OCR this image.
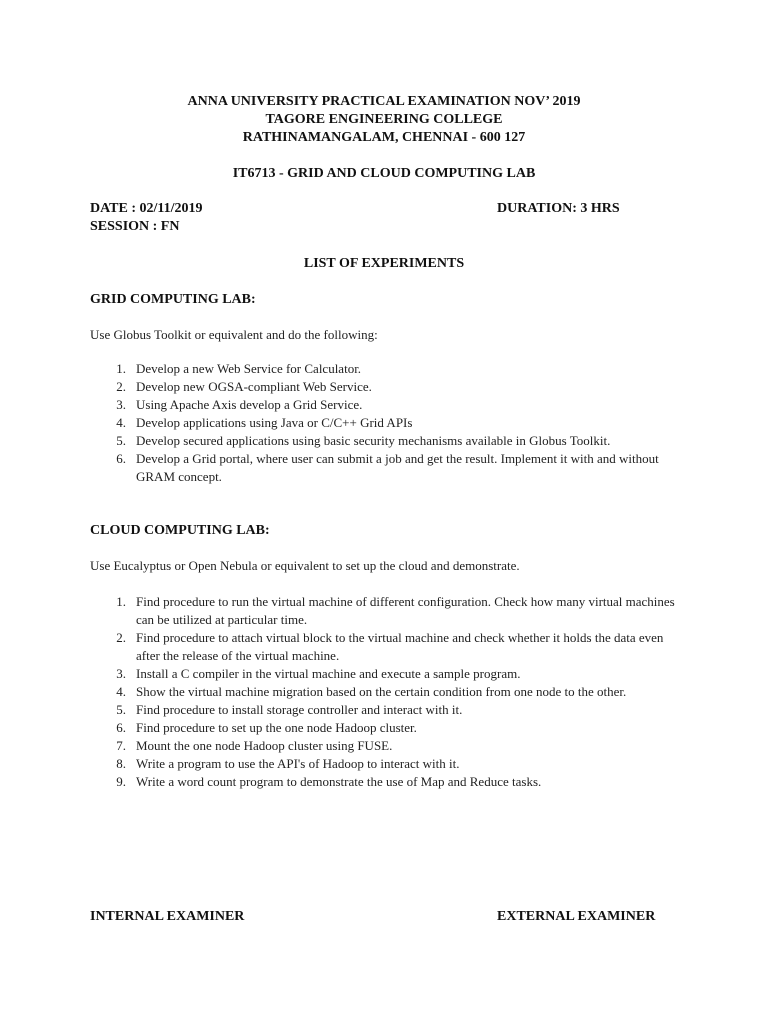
ANNA UNIVERSITY PRACTICAL EXAMINATION NOV’ 2019
TAGORE ENGINEERING COLLEGE
RATHINAMANGALAM, CHENNAI - 600 127
IT6713 - GRID AND CLOUD COMPUTING LAB
DATE : 02/11/2019
SESSION : FN
DURATION: 3 HRS
LIST OF EXPERIMENTS
GRID COMPUTING LAB:
Use Globus Toolkit or equivalent and do the following:
1. Develop a new Web Service for Calculator.
2. Develop new OGSA-compliant Web Service.
3. Using Apache Axis develop a Grid Service.
4. Develop applications using Java or C/C++ Grid APIs
5. Develop secured applications using basic security mechanisms available in Globus Toolkit.
6. Develop a Grid portal, where user can submit a job and get the result. Implement it with and without GRAM concept.
CLOUD COMPUTING LAB:
Use Eucalyptus or Open Nebula or equivalent to set up the cloud and demonstrate.
1. Find procedure to run the virtual machine of different configuration. Check how many virtual machines can be utilized at particular time.
2. Find procedure to attach virtual block to the virtual machine and check whether it holds the data even after the release of the virtual machine.
3. Install a C compiler in the virtual machine and execute a sample program.
4. Show the virtual machine migration based on the certain condition from one node to the other.
5. Find procedure to install storage controller and interact with it.
6. Find procedure to set up the one node Hadoop cluster.
7. Mount the one node Hadoop cluster using FUSE.
8. Write a program to use the API's of Hadoop to interact with it.
9. Write a word count program to demonstrate the use of Map and Reduce tasks.
INTERNAL EXAMINER	EXTERNAL EXAMINER
